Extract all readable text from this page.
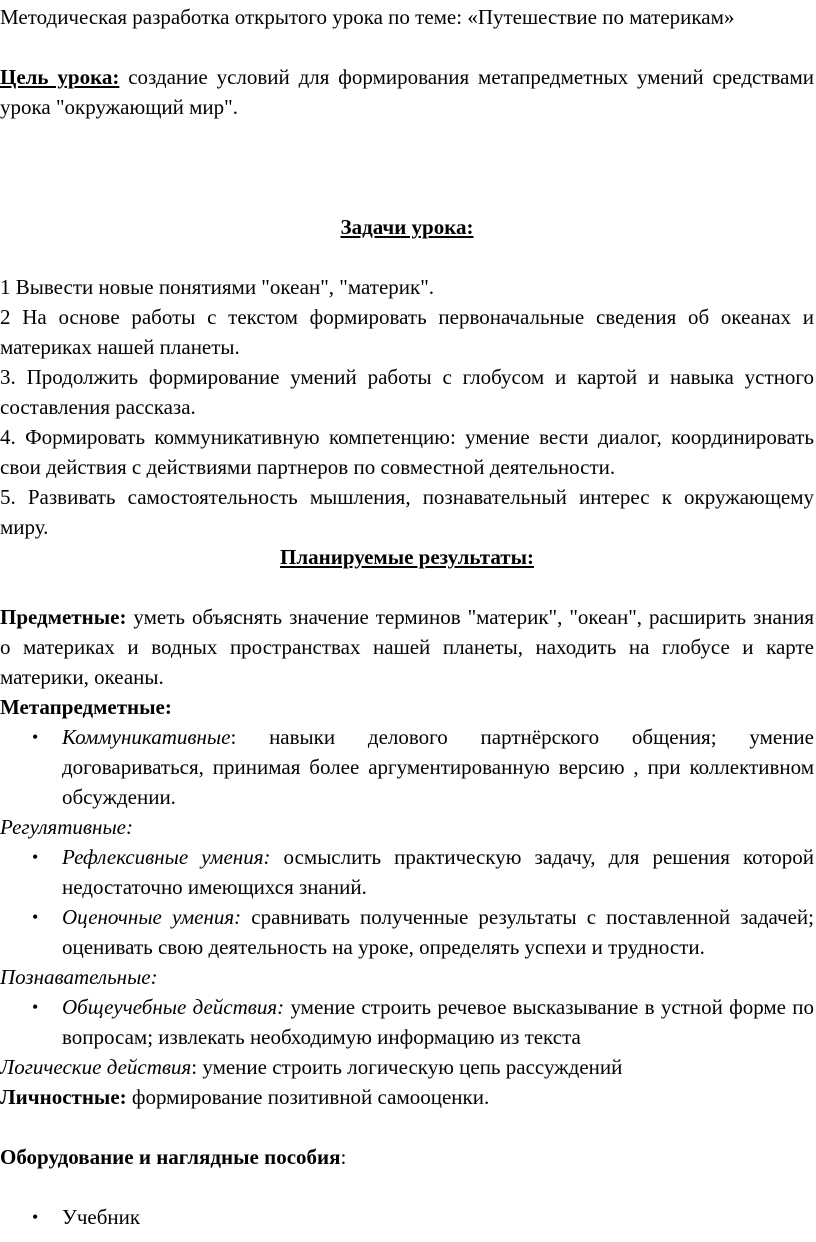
Методическая разработка открытого урока по теме: «Путешествие по материкам»

Цель урока: создание условий для формирования метапредметных умений средствами урока "окружающий мир".

Задачи урока:

1 Вывести новые понятиями "океан", "материк".

2 На основе работы с текстом формировать первоначальные сведения об океанах и материках нашей планеты.

3. Продолжить формирование умений работы с глобусом и картой и навыка устного составления рассказа.

4. Формировать коммуникативную компетенцию: умение вести диалог, координировать свои действия с действиями партнеров по совместной деятельности.

5. Развивать самостоятельность мышления, познавательный интерес к окружающему миру.

Планируемые результаты:

Предметные: уметь объяснять значение терминов "материк", "океан", расширить знания о материках и водных пространствах нашей планеты, находить на глобусе и карте материки, океаны.

Метапредметные:

• Коммуникативные: навыки делового партнёрского общения; умение договариваться, принимая более аргументированную версию , при коллективном обсуждении.

Регулятивные:

• Рефлексивные умения: осмыслить практическую задачу, для решения которой недостаточно имеющихся знаний.
• Оценочные умения: сравнивать полученные результаты с поставленной задачей; оценивать свою деятельность на уроке, определять успехи и трудности.

Познавательные:

• Общеучебные действия: умение строить речевое высказывание в устной форме по вопросам; извлекать необходимую информацию из текста

Логические действия: умение строить логическую цепь рассуждений

Личностные: формирование позитивной самооценки.

Оборудование и наглядные пособия:

• Учебник
